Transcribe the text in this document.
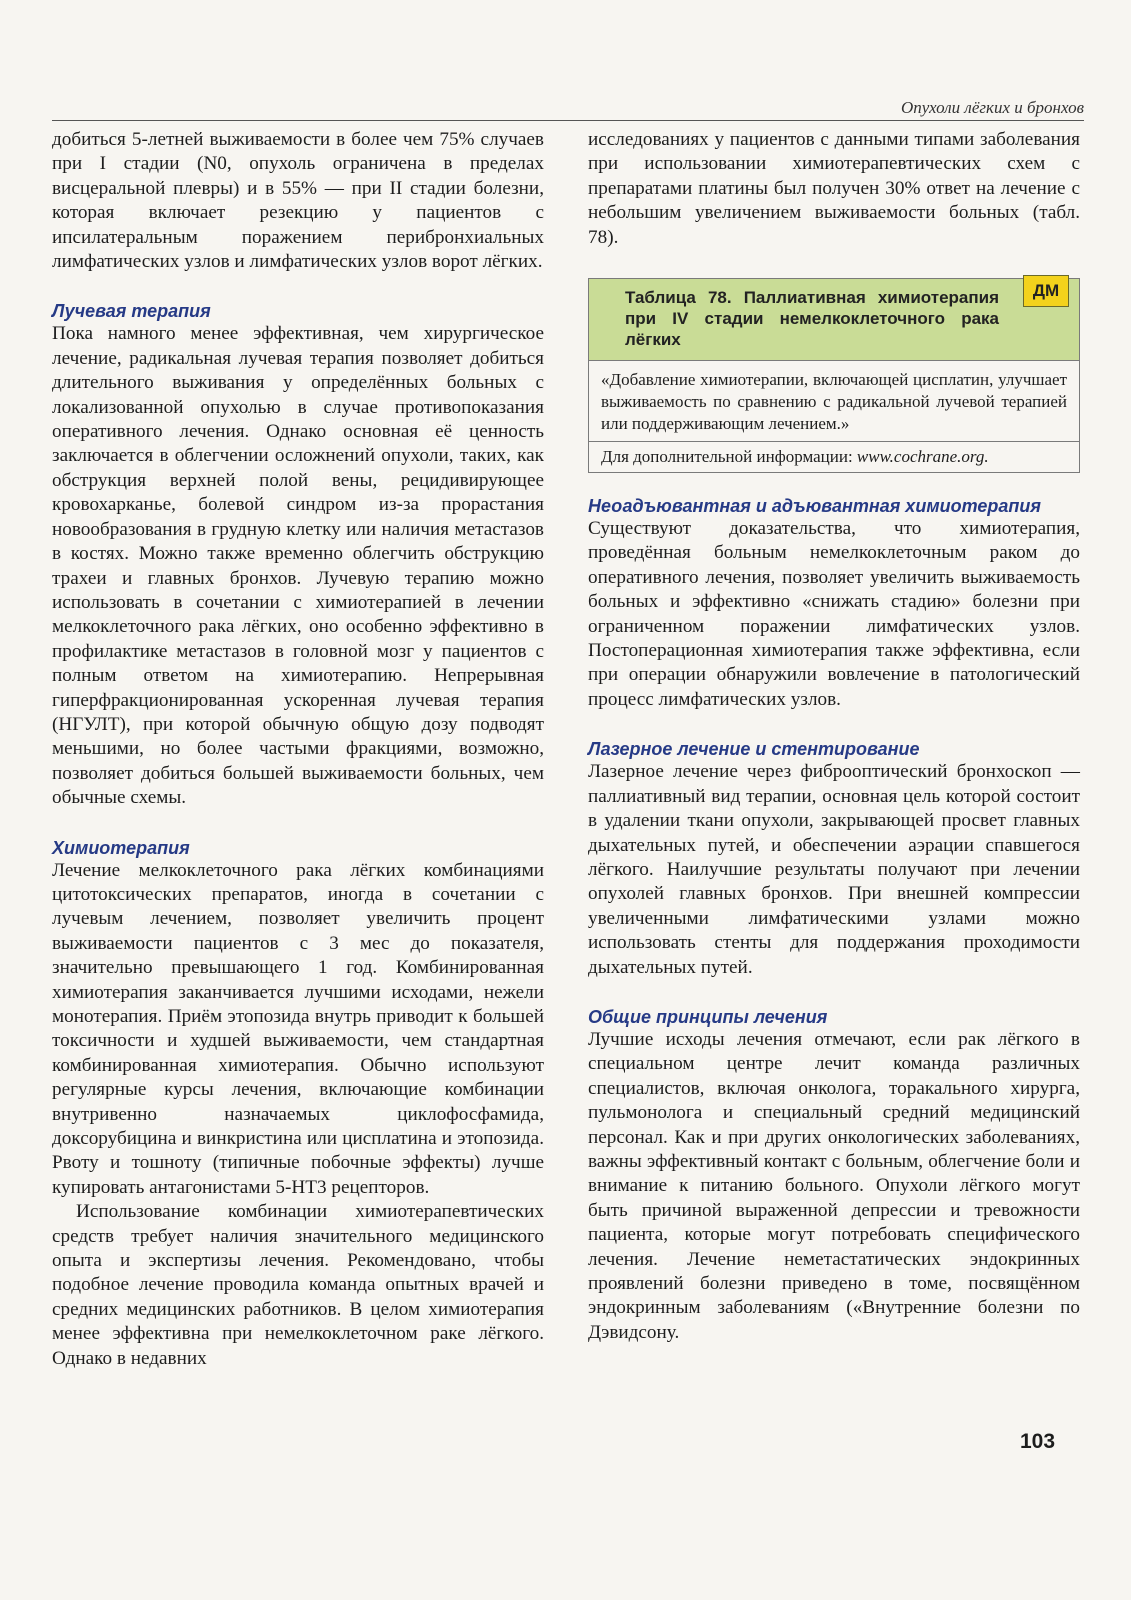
Опухоли лёгких и бронхов

добиться 5-летней выживаемости в более чем 75% случаев при I стадии (N0, опухоль ограничена в пределах висцеральной плевры) и в 55% — при II стадии болезни, которая включает резекцию у пациентов с ипсилатеральным поражением перибронхиальных лимфатических узлов и лимфатических узлов ворот лёгких.

Лучевая терапия

Пока намного менее эффективная, чем хирургическое лечение, радикальная лучевая терапия позволяет добиться длительного выживания у определённых больных с локализованной опухолью в случае противопоказания оперативного лечения. Однако основная её ценность заключается в облегчении осложнений опухоли, таких, как обструкция верхней полой вены, рецидивирующее кровохарканье, болевой синдром из-за прорастания новообразования в грудную клетку или наличия метастазов в костях. Можно также временно облегчить обструкцию трахеи и главных бронхов. Лучевую терапию можно использовать в сочетании с химиотерапией в лечении мелкоклеточного рака лёгких, оно особенно эффективно в профилактике метастазов в головной мозг у пациентов с полным ответом на химиотерапию. Непрерывная гиперфракционированная ускоренная лучевая терапия (НГУЛТ), при которой обычную общую дозу подводят меньшими, но более частыми фракциями, возможно, позволяет добиться большей выживаемости больных, чем обычные схемы.

Химиотерапия

Лечение мелкоклеточного рака лёгких комбинациями цитотоксических препаратов, иногда в сочетании с лучевым лечением, позволяет увеличить процент выживаемости пациентов с 3 мес до показателя, значительно превышающего 1 год. Комбинированная химиотерапия заканчивается лучшими исходами, нежели монотерапия. Приём этопозида внутрь приводит к большей токсичности и худшей выживаемости, чем стандартная комбинированная химиотерапия. Обычно используют регулярные курсы лечения, включающие комбинации внутривенно назначаемых циклофосфамида, доксорубицина и винкристина или цисплатина и этопозида. Рвоту и тошноту (типичные побочные эффекты) лучше купировать антагонистами 5-НТ3 рецепторов.

Использование комбинации химиотерапевтических средств требует наличия значительного медицинского опыта и экспертизы лечения. Рекомендовано, чтобы подобное лечение проводила команда опытных врачей и средних медицинских работников. В целом химиотерапия менее эффективна при немелкоклеточном раке лёгкого. Однако в недавних

исследованиях у пациентов с данными типами заболевания при использовании химиотерапевтических схем с препаратами платины был получен 30% ответ на лечение с небольшим увеличением выживаемости больных (табл. 78).

Таблица 78. Паллиативная химиотерапия при IV стадии немелкоклеточного рака лёгких
ДМ
«Добавление химиотерапии, включающей цисплатин, улучшает выживаемость по сравнению с радикальной лучевой терапией или поддерживающим лечением.»
Для дополнительной информации: www.cochrane.org.
Неоадъювантная и адъювантная химиотерапия

Существуют доказательства, что химиотерапия, проведённая больным немелкоклеточным раком до оперативного лечения, позволяет увеличить выживаемость больных и эффективно «снижать стадию» болезни при ограниченном поражении лимфатических узлов. Постоперационная химиотерапия также эффективна, если при операции обнаружили вовлечение в патологический процесс лимфатических узлов.

Лазерное лечение и стентирование

Лазерное лечение через фиброоптический бронхоскоп — паллиативный вид терапии, основная цель которой состоит в удалении ткани опухоли, закрывающей просвет главных дыхательных путей, и обеспечении аэрации спавшегося лёгкого. Наилучшие результаты получают при лечении опухолей главных бронхов. При внешней компрессии увеличенными лимфатическими узлами можно использовать стенты для поддержания проходимости дыхательных путей.

Общие принципы лечения

Лучшие исходы лечения отмечают, если рак лёгкого в специальном центре лечит команда различных специалистов, включая онколога, торакального хирурга, пульмонолога и специальный средний медицинский персонал. Как и при других онкологических заболеваниях, важны эффективный контакт с больным, облегчение боли и внимание к питанию больного. Опухоли лёгкого могут быть причиной выраженной депрессии и тревожности пациента, которые могут потребовать специфического лечения. Лечение неметастатических эндокринных проявлений болезни приведено в томе, посвящённом эндокринным заболеваниям («Внутренние болезни по Дэвидсону.

103
